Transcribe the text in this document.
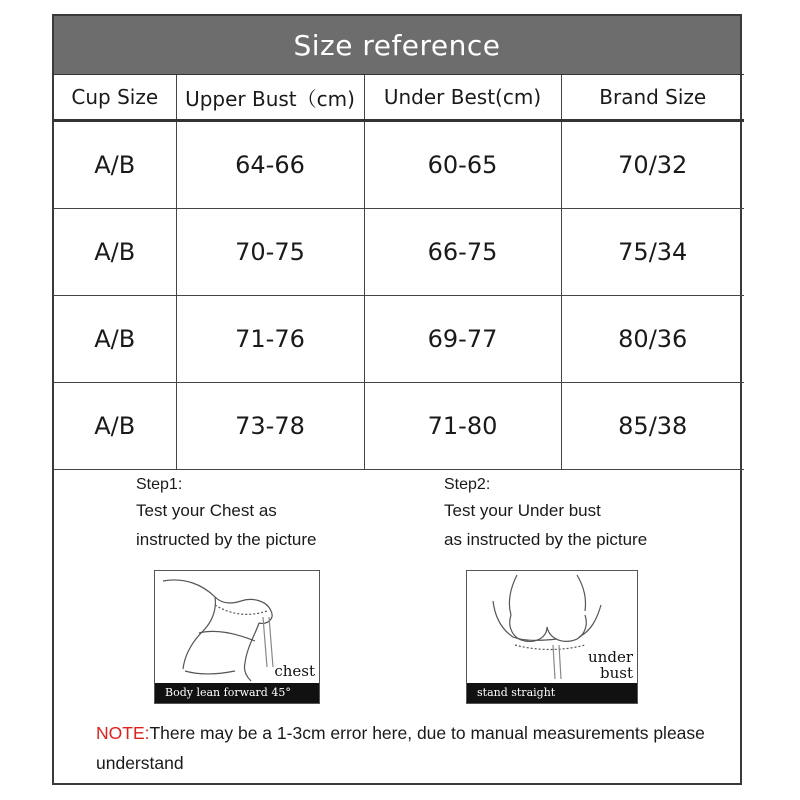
Size reference
Cup Size	Upper Bust（cm)	Under Best(cm)	Brand Size
A/B	64-66	60-65	70/32
A/B	70-75	66-75	75/34
A/B	71-76	69-77	80/36
A/B	73-78	71-80	85/38
Step1:
Test your Chest as
instructed by the picture
Step2:
Test your Under bust
as instructed by the picture
chest
Body lean forward 45°
under
bust
stand straight
NOTE:There may be a 1-3cm error here, due to manual measurements please understand
